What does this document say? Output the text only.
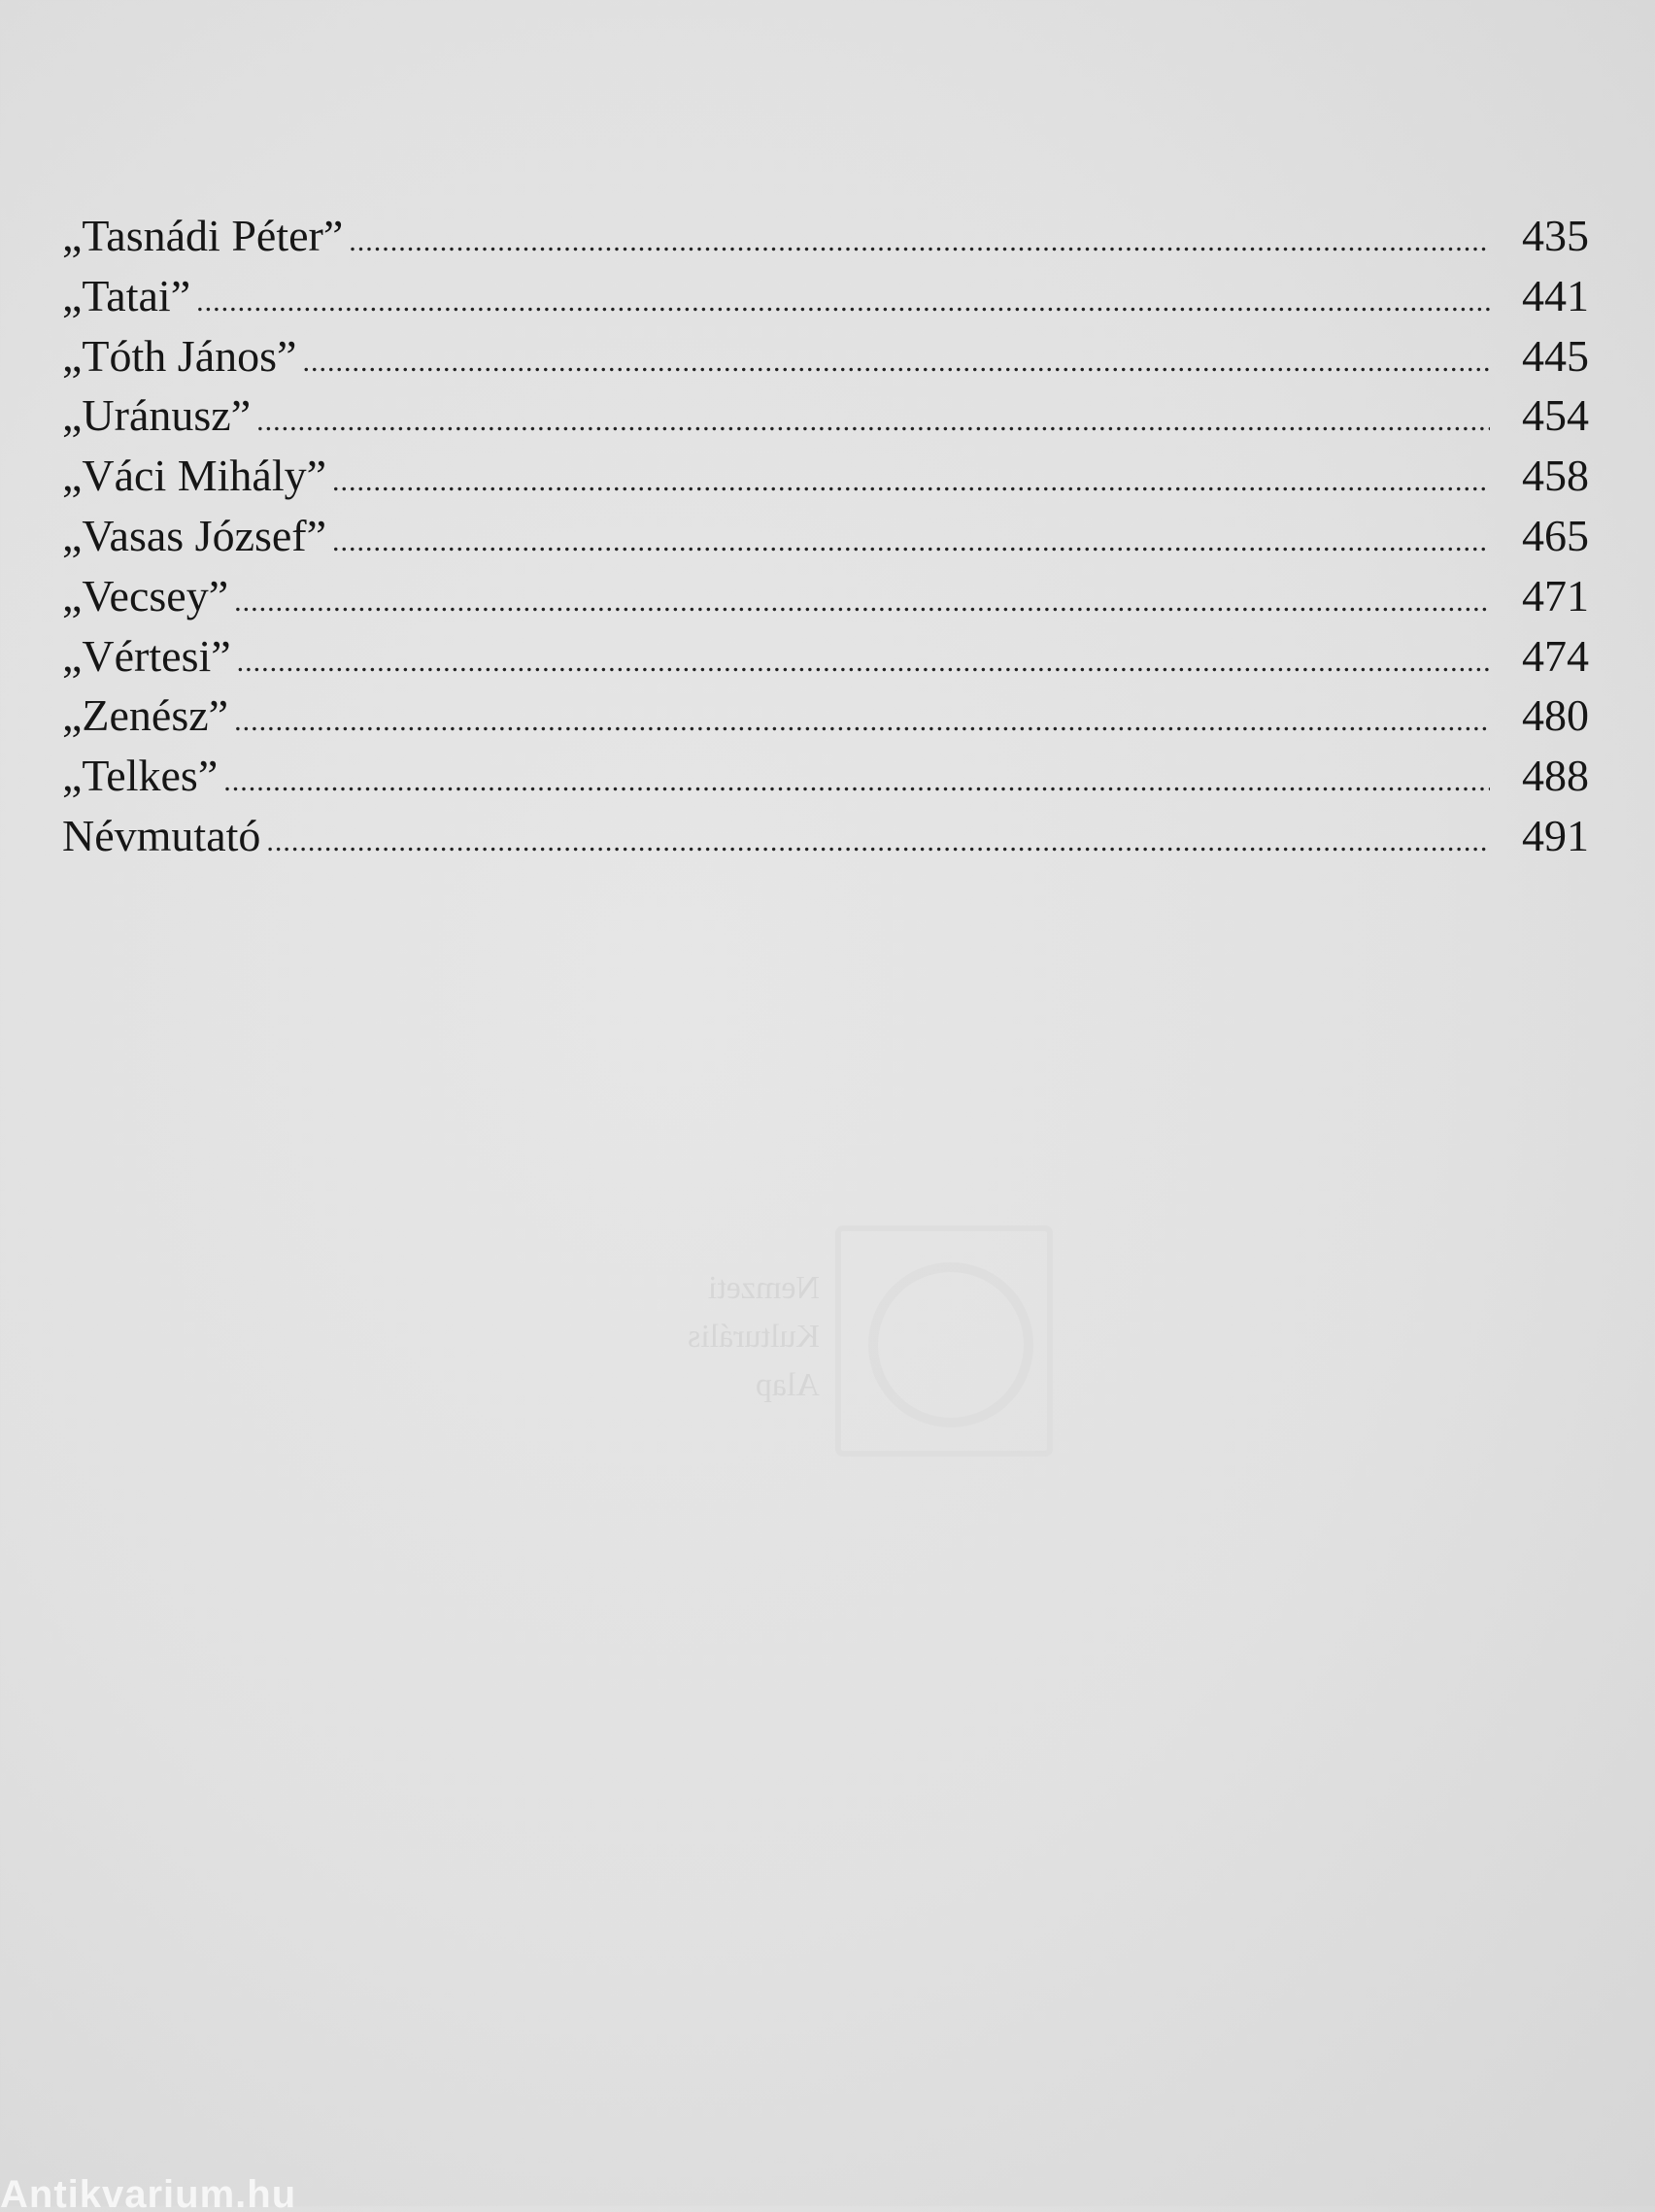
„Tasnádi Péter” .....	435
„Tatai” .....	441
„Tóth János” .....	445
„Uránusz” .....	454
„Váci Mihály” .....	458
„Vasas József” .....	465
„Vecsey” .....	471
„Vértesi” .....	474
„Zenész” .....	480
„Telkes” .....	488
Névmutató .....	491
Nemzeti
Kulturális
Alap
Antikvarium.hu
